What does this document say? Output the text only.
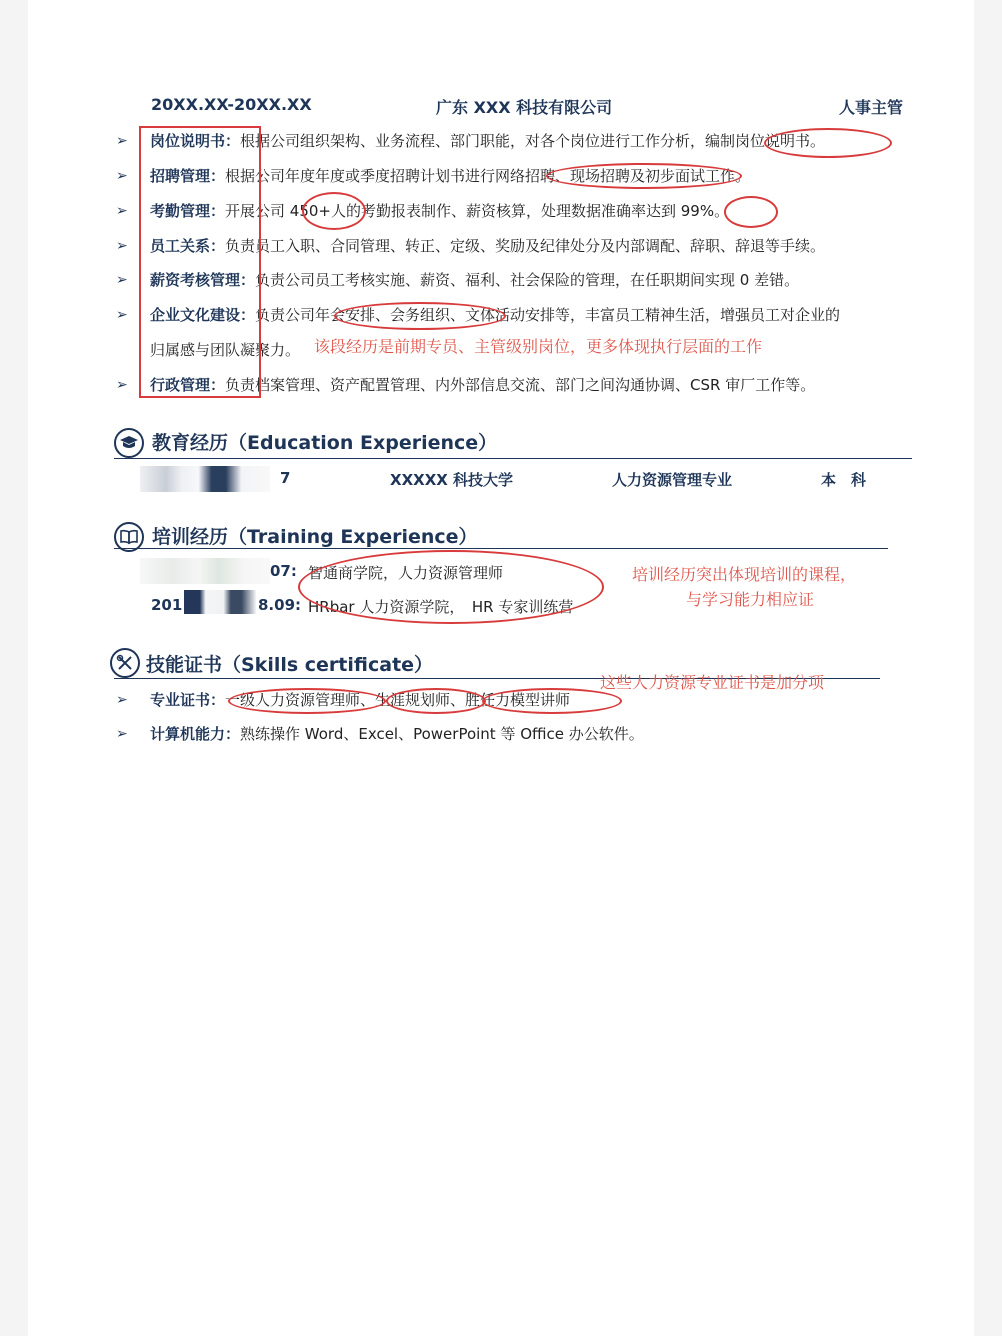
20XX.XX-20XX.XX	广东 XXX 科技有限公司	人事主管
➢ 岗位说明书：根据公司组织架构、业务流程、部门职能，对各个岗位进行工作分析，编制岗位说明书。
➢ 招聘管理：根据公司年度年度或季度招聘计划书进行网络招聘、现场招聘及初步面试工作。
➢ 考勤管理：开展公司 450+人的考勤报表制作、薪资核算，处理数据准确率达到 99%。
➢ 员工关系：负责员工入职、合同管理、转正、定级、奖励及纪律处分及内部调配、辞职、辞退等手续。
➢ 薪资考核管理：负责公司员工考核实施、薪资、福利、社会保险的管理，在任职期间实现 0 差错。
➢ 企业文化建设：负责公司年会安排、会务组织、文体活动安排等，丰富员工精神生活，增强员工对企业的
归属感与团队凝聚力。 该段经历是前期专员、主管级别岗位，更多体现执行层面的工作
➢ 行政管理：负责档案管理、资产配置管理、内外部信息交流、部门之间沟通协调、CSR 审厂工作等。
教育经历（Education Experience）
7	XXXXX 科技大学	人力资源管理专业	本　科
培训经历（Training Experience）
07: 智通商学院，人力资源管理师
201	8.09: HRbar 人力资源学院，　HR 专家训练营
培训经历突出体现培训的课程，
与学习能力相应证
技能证书（Skills certificate）
这些人力资源专业证书是加分项
➢ 专业证书：一级人力资源管理师、生涯规划师、胜任力模型讲师
➢ 计算机能力：熟练操作 Word、Excel、PowerPoint 等 Office 办公软件。
